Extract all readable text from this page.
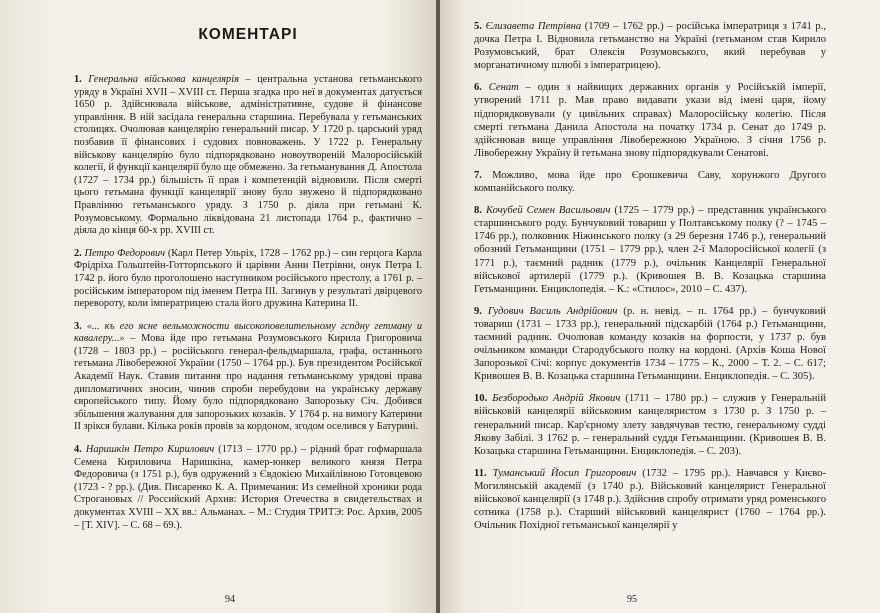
КОМЕНТАРІ

1. Генеральна військова канцелярія – центральна установа гетьманського уряду в Україні XVII – XVIII ст. Перша згадка про неї в документах датується 1650 р. Здійснювала військове, адміністративне, судове й фінансове управління. В ній засідала генеральна старшина. Перебувала у гетьманських столицях. Очолював канцелярію генеральний писар. У 1720 р. царський уряд позбавив її фінансових і судових повноважень. У 1722 р. Генеральну військову канцелярію було підпорядковано новоутвореній Малоросійській колегії, й функції канцелярії було ще обмежено. За гетьманування Д. Апостола (1727 – 1734 рр.) більшість її прав і компетенцій відновили. Після смерті цього гетьмана функції канцелярії знову було звужено й підпорядковано Правлінню гетьманського уряду. З 1750 р. діяла при гетьмані К. Розумовському. Формально ліквідована 21 листопада 1764 р., фактично – діяла до кінця 60-х рр. XVIII ст.

2. Петро Федорович (Карл Петер Ульріх, 1728 – 1762 рр.) – син герцога Карла Фрідріха Гольштейн-Готторпського й царівни Анни Петрівни, онук Петра I. 1742 р. його було проголошено наступником російського престолу, а 1761 р. – російським імператором під іменем Петра III. Загинув у результаті двірцевого перевороту, коли імператрицею стала його дружина Катерина II.

3. «... къ его ясне вельможности высокоповелительному гспдну гетману и кавалеру...» – Мова йде про гетьмана Розумовського Кирила Григоровича (1728 – 1803 рр.) – російського генерал-фельдмаршала, графа, останнього гетьмана Лівобережної України (1750 – 1764 рр.). Був президентом Російської Академії Наук. Ставив питання про надання гетьманському урядові права дипломатичних зносин, чинив спроби перебудови на українську державу європейського типу. Йому було підпорядковано Запорозьку Січ. Добився збільшення жалування для запорозьких козаків. У 1764 р. на вимогу Катерини II зрікся булави. Кілька років провів за кордоном, згодом оселився у Батурині.

4. Наришкін Петро Кирилович (1713 – 1770 рр.) – рідний брат гофмаршала Семена Кириловича Наришкіна, камер-юнкер великого князя Петра Федоровича (з 1751 р.), був одружений з Євдокією Михайлівною Готовцевою (1723 - ? рр.). (Див. Писаренко К. А. Примечания: Из семейной хроники рода Строгановых // Российский Архив: История Отечества в свидетельствах и документах XVIII – XX вв.: Альманах. – М.: Студия ТРИТЭ: Рос. Архив, 2005 – [Т. XIV]. – С. 68 – 69.).

94

5. Єлизавета Петрівна (1709 – 1762 рр.) – російська імператриця з 1741 р., дочка Петра I. Відновила гетьманство на Україні (гетьманом став Кирило Розумовський, брат Олексія Розумовського, який перебував у морганатичному шлюбі з імператрицею).

6. Сенат – один з найвищих державних органів у Російській імперії, утворений 1711 р. Мав право видавати укази від імені царя, йому підпорядковували (у цивільних справах) Малоросійську колегію. Після смерті гетьмана Данила Апостола на початку 1734 р. Сенат до 1749 р. здійснював вище управління Лівобережною Україною. З січня 1756 р. Лівобережну Україну й гетьмана знову підпорядкували Сенатові.

7. Можливо, мова йде про Єрошкевича Саву, хорунжого Другого компанійського полку.

8. Кочубей Семен Васильович (1725 – 1779 рр.) – представник українського старшинського роду. Бунчуковий товариш у Полтавському полку (? – 1745 – 1746 рр.), полковник Ніжинського полку (з 29 березня 1746 р.), генеральний обозний Гетьманщини (1751 – 1779 рр.), член 2-ї Малоросійської колегії (з 1771 р.), таємний радник (1779 р.), очільник Канцелярії Генеральної військової артилерії (1779 р.). (Кривошея В. В. Козацька старшина Гетьманщини. Енциклопедія. – К.: «Стилос», 2010 – С. 437).

9. Гудович Василь Андрійович (р. н. невід. – п. 1764 рр.) – бунчуковий товариш (1731 – 1733 рр.), генеральний підскарбій (1764 р.) Гетьманщини, таємний радник. Очолював команду козаків на форпости, у 1737 р. був очільником команди Стародубського полку на кордоні. (Архів Коша Нової Запорозької Січі: корпус документів 1734 – 1775 – К., 2000 – Т. 2. – С. 617; Кривошея В. В. Козацька старшина Гетьманщини. Енциклопедія. – С. 305).

10. Безбородько Андрій Якович (1711 – 1780 рр.) – служив у Генеральній військовій канцелярії військовим канцеляристом з 1730 р. З 1750 р. – генеральний писар. Кар'єрному злету завдячував тестю, генеральному судді Якову Забілі. З 1762 р. – генеральний суддя Гетьманщини. (Кривошея В. В. Козацька старшина Гетьманщини. Енциклопедія. – С. 203).

11. Туманський Йосип Григорович (1732 – 1795 рр.). Навчався у Києво-Могилянській академії (з 1740 р.). Військовий канцелярист Генеральної військової канцелярії (з 1748 р.). Здійснив спробу отримати уряд роменського сотника (1758 р.). Старший військовий канцелярист (1760 – 1764 рр.). Очільник Похідної гетьманської канцелярії у

95
